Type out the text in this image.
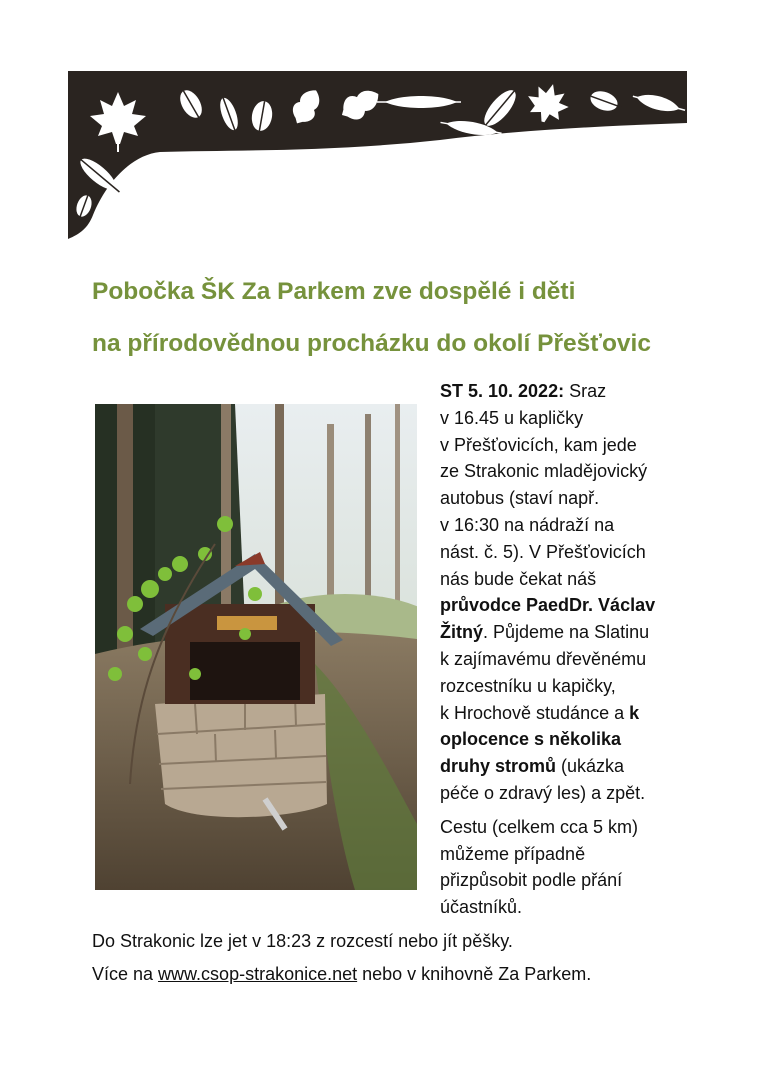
Pobočka ŠK Za Parkem zve dospělé i děti
na přírodovědnou procházku do okolí Přešťovic

ST 5. 10. 2022: Sraz
v 16.45 u kapličky
v Přešťovicích, kam jede
ze Strakonic mladějovický
autobus (staví např.
v 16:30 na nádraží na
nást. č. 5). V Přešťovicích
nás bude čekat náš
průvodce PaedDr. Václav
Žitný. Půjdeme na Slatinu
k zajímavému dřevěnému
rozcestníku u kapičky,
k Hrochově studánce a k
oplocence s několika
druhy stromů (ukázka
péče o zdravý les) a zpět.

Cestu (celkem cca 5 km)
můžeme případně
přizpůsobit podle přání
účastníků.

Do Strakonic lze jet v 18:23 z rozcestí nebo jít pěšky.

Více na www.csop-strakonice.net nebo v knihovně Za Parkem.
